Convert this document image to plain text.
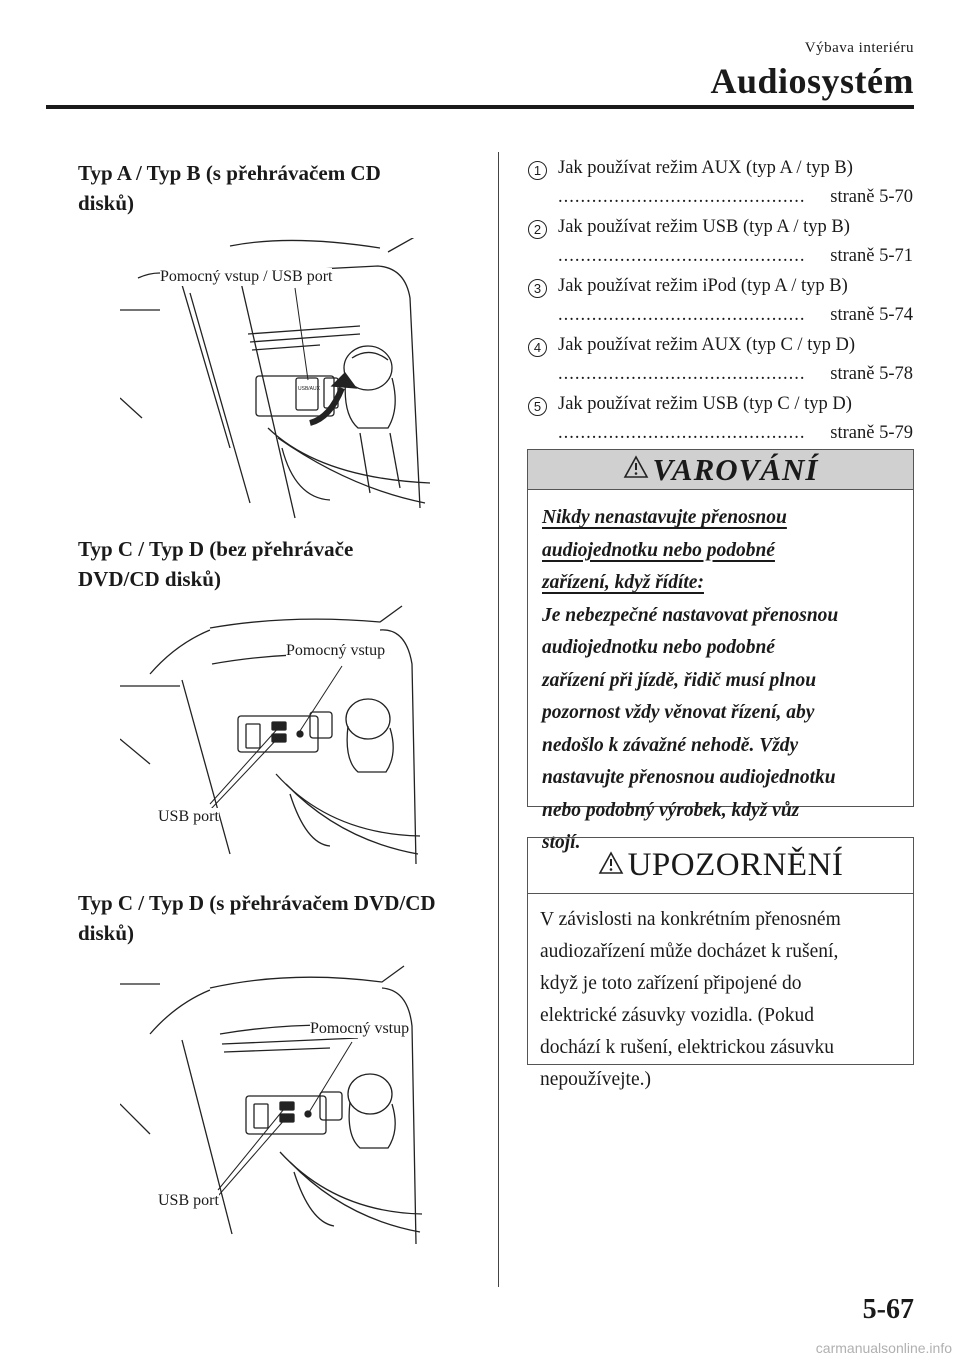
Výbava interiéru
Audiosystém
Typ A / Typ B (s přehrávačem CD disků)
USB/AUX
Pomocný vstup / USB port
Typ C / Typ D (bez přehrávače DVD/CD disků)
Pomocný vstup
USB port
Typ C / Typ D (s přehrávačem DVD/CD disků)
Pomocný vstup
USB port
1 Jak používat režim AUX (typ A / typ B)
............................................	straně 5-70
2 Jak používat režim USB (typ A / typ B)
............................................	straně 5-71
3 Jak používat režim iPod (typ A / typ B)
............................................	straně 5-74
4 Jak používat režim AUX (typ C / typ D)
............................................	straně 5-78
5 Jak používat režim USB (typ C / typ D)
............................................	straně 5-79
VAROVÁNÍ
Nikdy nenastavujte přenosnou
audiojednotku nebo podobné
zařízení, když řídíte:
Je nebezpečné nastavovat přenosnou
audiojednotku nebo podobné
zařízení při jízdě, řidič musí plnou
pozornost vždy věnovat řízení, aby
nedošlo k závažné nehodě. Vždy
nastavujte přenosnou audiojednotku
nebo podobný výrobek, když vůz
stojí.
UPOZORNĚNÍ
V závislosti na konkrétním přenosném
audiozařízení může docházet k rušení,
když je toto zařízení připojené do
elektrické zásuvky vozidla. (Pokud
dochází k rušení, elektrickou zásuvku
nepoužívejte.)
5-67
carmanualsonline.info
